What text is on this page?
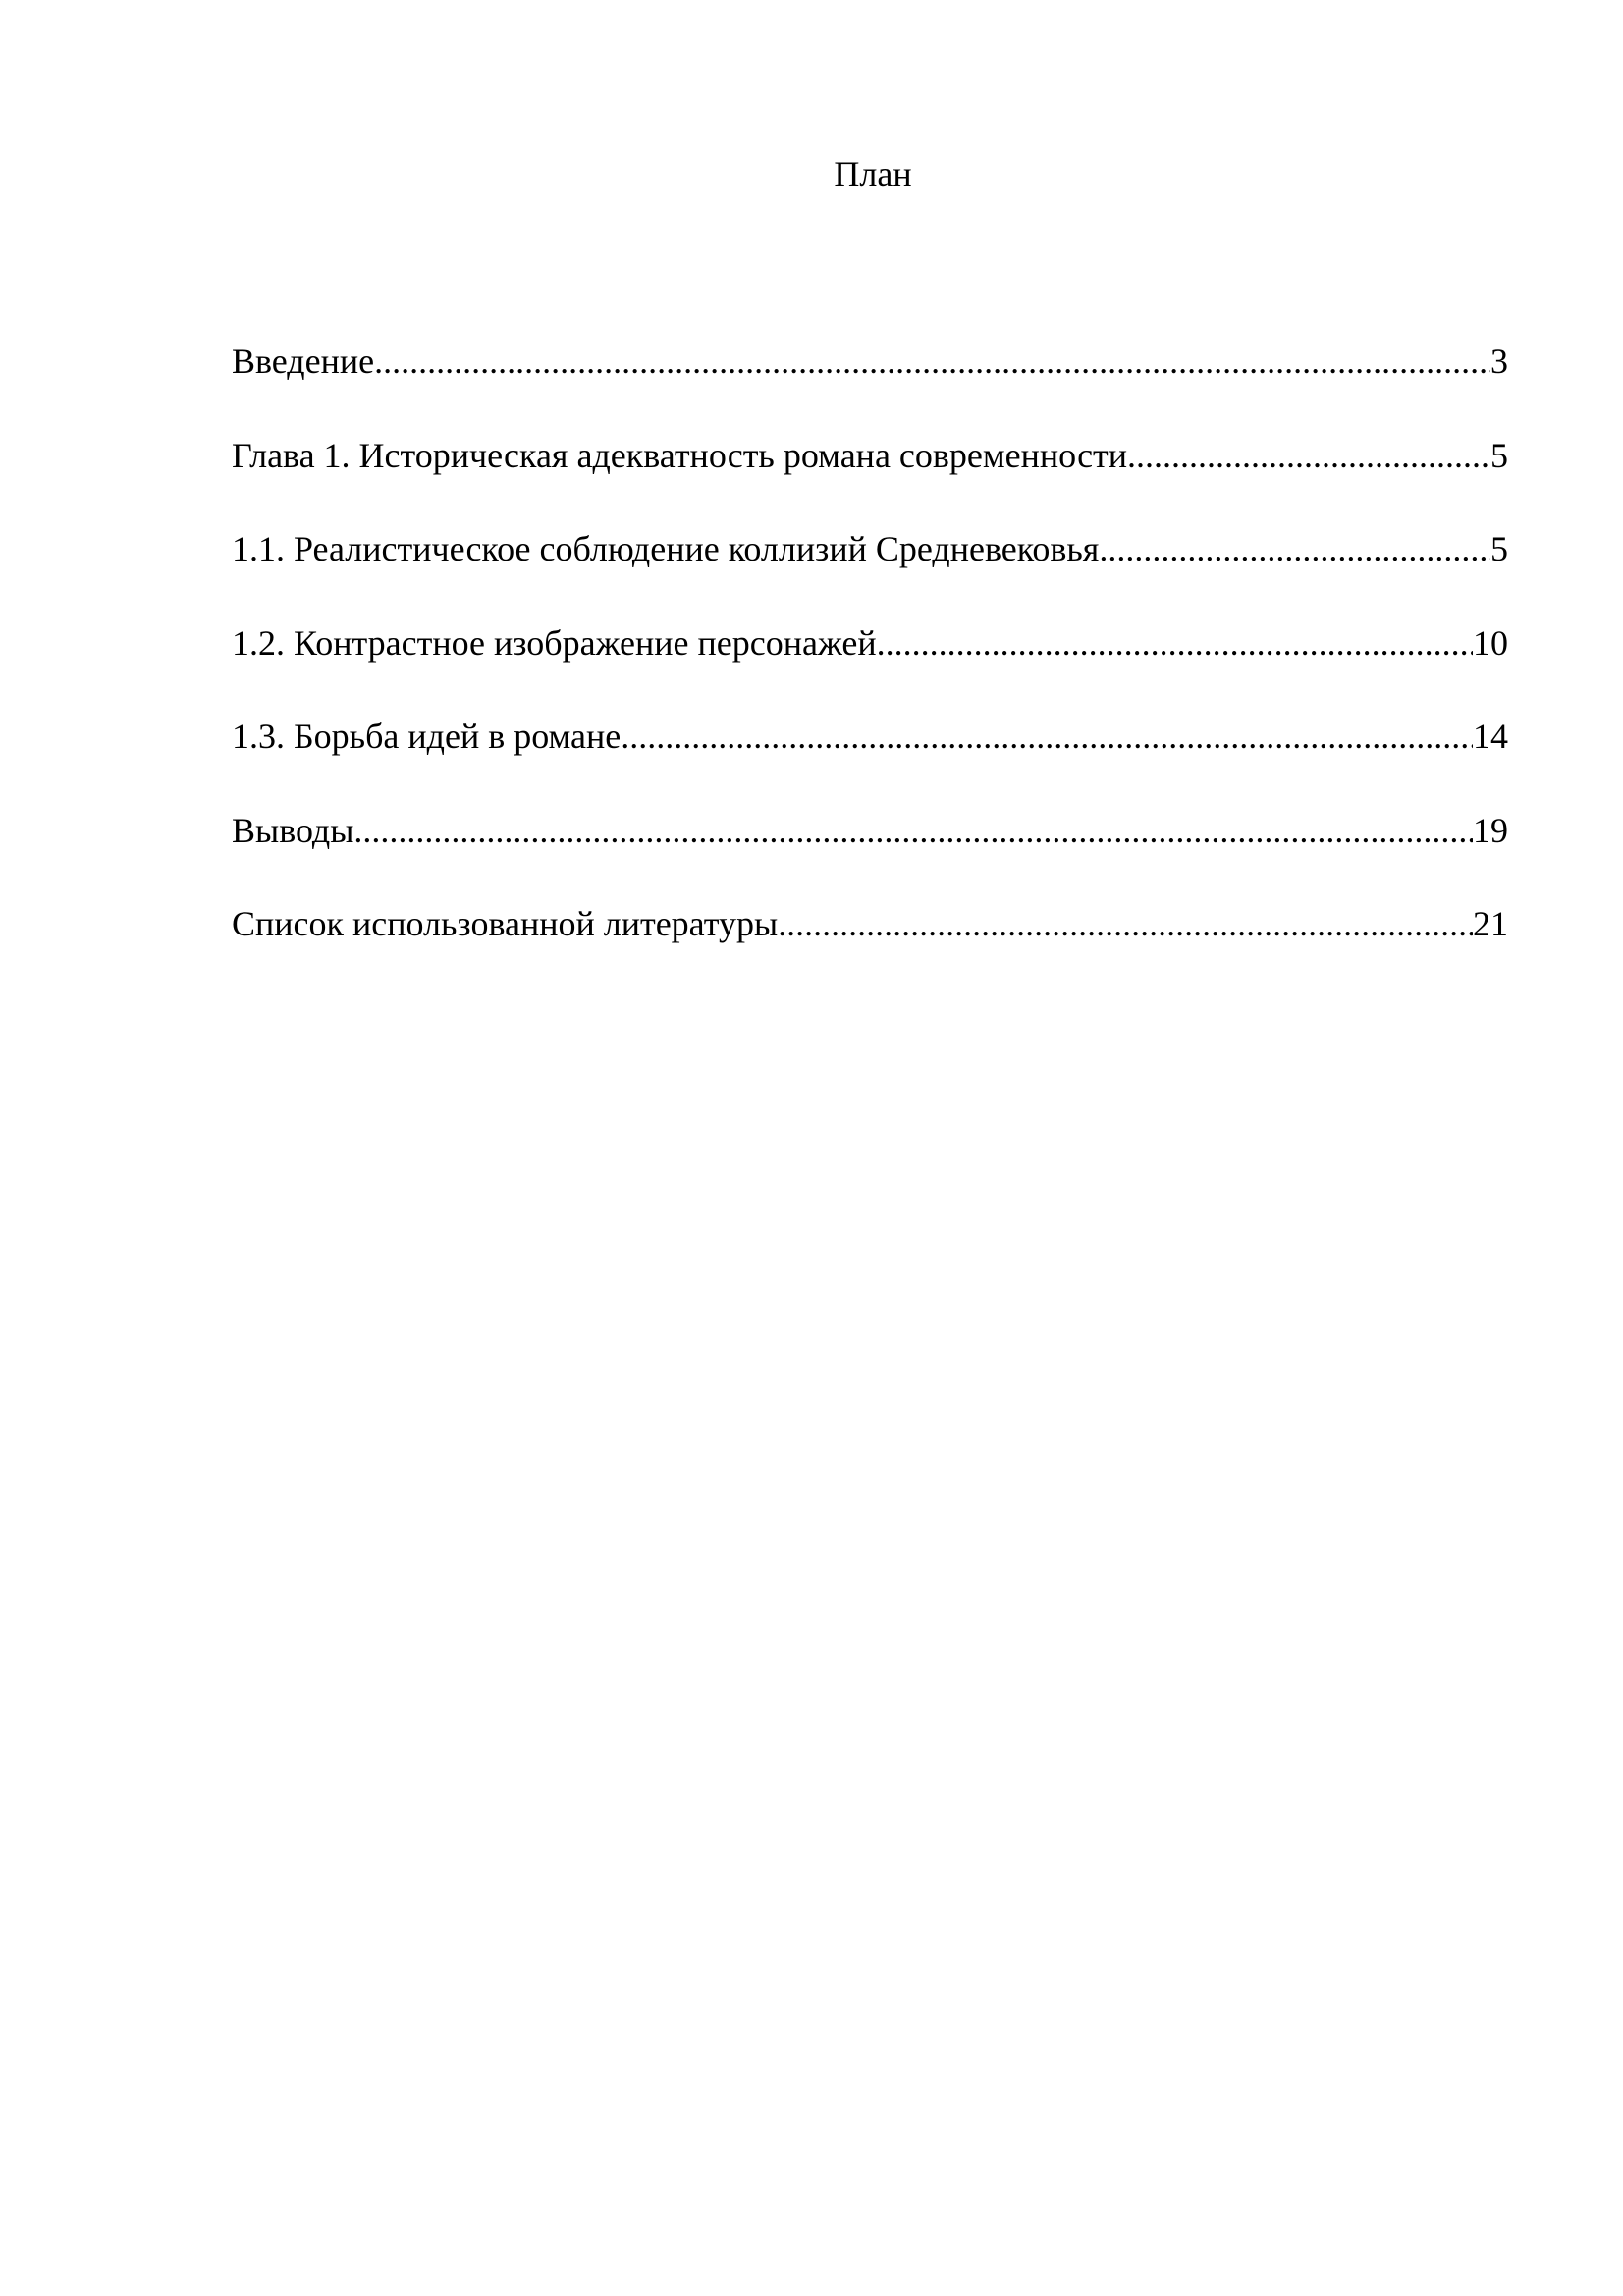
План
Введение .....	3
Глава 1. Историческая адекватность романа современности .....	5
1.1. Реалистическое соблюдение коллизий Средневековья .....	5
1.2. Контрастное изображение персонажей .....	10
1.3. Борьба идей в романе .....	14
Выводы .....	19
Список использованной литературы .....	21
